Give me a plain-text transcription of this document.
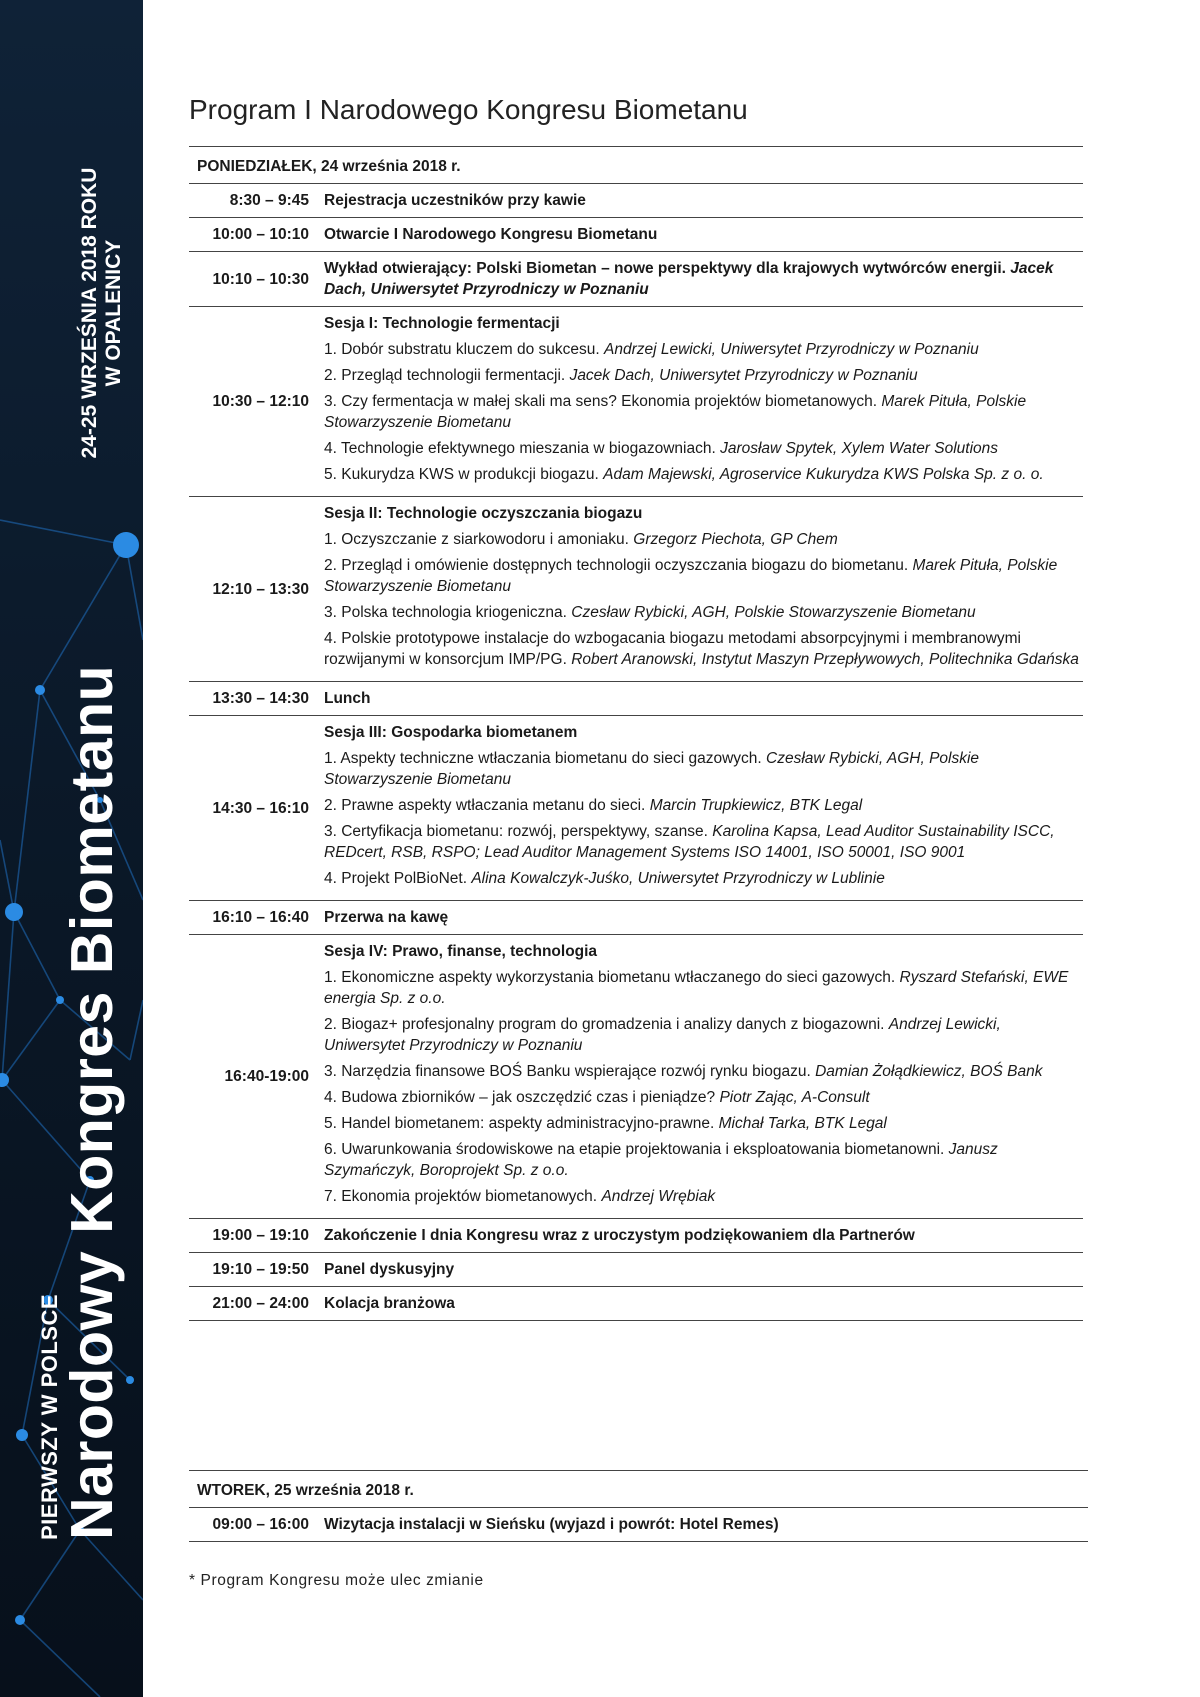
24-25 WRZEŚNIA 2018 ROKU W OPALENICY
Narodowy Kongres Biometanu
PIERWSZY W POLSCE
Program I Narodowego Kongresu Biometanu
PONIEDZIAŁEK, 24 września 2018 r.
8:30 – 9:45 Rejestracja uczestników przy kawie
10:00 – 10:10 Otwarcie I Narodowego Kongresu Biometanu
10:10 – 10:30
Wykład otwierający: Polski Biometan – nowe perspektywy dla krajowych wytwórców energii. Jacek Dach, Uniwersytet Przyrodniczy w Poznaniu
10:30 – 12:10
Sesja I: Technologie fermentacji
1. Dobór substratu kluczem do sukcesu. Andrzej Lewicki, Uniwersytet Przyrodniczy w Poznaniu
2. Przegląd technologii fermentacji. Jacek Dach, Uniwersytet Przyrodniczy w Poznaniu
3. Czy fermentacja w małej skali ma sens? Ekonomia projektów biometanowych. Marek Pituła, Polskie Stowarzyszenie Biometanu
4. Technologie efektywnego mieszania w biogazowniach. Jarosław Spytek, Xylem Water Solutions
5. Kukurydza KWS w produkcji biogazu. Adam Majewski, Agroservice Kukurydza KWS Polska Sp. z o. o.
12:10 – 13:30
Sesja II: Technologie oczyszczania biogazu
1. Oczyszczanie z siarkowodoru i amoniaku. Grzegorz Piechota, GP Chem
2. Przegląd i omówienie dostępnych technologii oczyszczania biogazu do biometanu. Marek Pituła, Polskie Stowarzyszenie Biometanu
3. Polska technologia kriogeniczna. Czesław Rybicki, AGH, Polskie Stowarzyszenie Biometanu
4. Polskie prototypowe instalacje do wzbogacania biogazu metodami absorpcyjnymi i membranowymi rozwijanymi w konsorcjum IMP/PG. Robert Aranowski, Instytut Maszyn Przepływowych, Politechnika Gdańska
13:30 – 14:30 Lunch
14:30 – 16:10
Sesja III: Gospodarka biometanem
1. Aspekty techniczne wtłaczania biometanu do sieci gazowych. Czesław Rybicki, AGH, Polskie Stowarzyszenie Biometanu
2. Prawne aspekty wtłaczania metanu do sieci. Marcin Trupkiewicz, BTK Legal
3. Certyfikacja biometanu: rozwój, perspektywy, szanse. Karolina Kapsa, Lead Auditor Sustainability ISCC, REDcert, RSB, RSPO; Lead Auditor Management Systems ISO 14001, ISO 50001, ISO 9001
4. Projekt PolBioNet. Alina Kowalczyk-Juśko, Uniwersytet Przyrodniczy w Lublinie
16:10 – 16:40 Przerwa na kawę
16:40-19:00
Sesja IV: Prawo, finanse, technologia
1. Ekonomiczne aspekty wykorzystania biometanu wtłaczanego do sieci gazowych. Ryszard Stefański, EWE energia Sp. z o.o.
2. Biogaz+ profesjonalny program do gromadzenia i analizy danych z biogazowni. Andrzej Lewicki, Uniwersytet Przyrodniczy w Poznaniu
3. Narzędzia finansowe BOŚ Banku wspierające rozwój rynku biogazu. Damian Żołądkiewicz, BOŚ Bank
4. Budowa zbiorników – jak oszczędzić czas i pieniądze? Piotr Zając, A-Consult
5. Handel biometanem: aspekty administracyjno-prawne. Michał Tarka, BTK Legal
6. Uwarunkowania środowiskowe na etapie projektowania i eksploatowania biometanowni. Janusz Szymańczyk, Boroprojekt Sp. z o.o.
7. Ekonomia projektów biometanowych. Andrzej Wrębiak
19:00 – 19:10 Zakończenie I dnia Kongresu wraz z uroczystym podziękowaniem dla Partnerów
19:10 – 19:50 Panel dyskusyjny
21:00 – 24:00 Kolacja branżowa
WTOREK, 25 września 2018 r.
09:00 – 16:00 Wizytacja instalacji w Sieńsku (wyjazd i powrót: Hotel Remes)
* Program Kongresu może ulec zmianie
